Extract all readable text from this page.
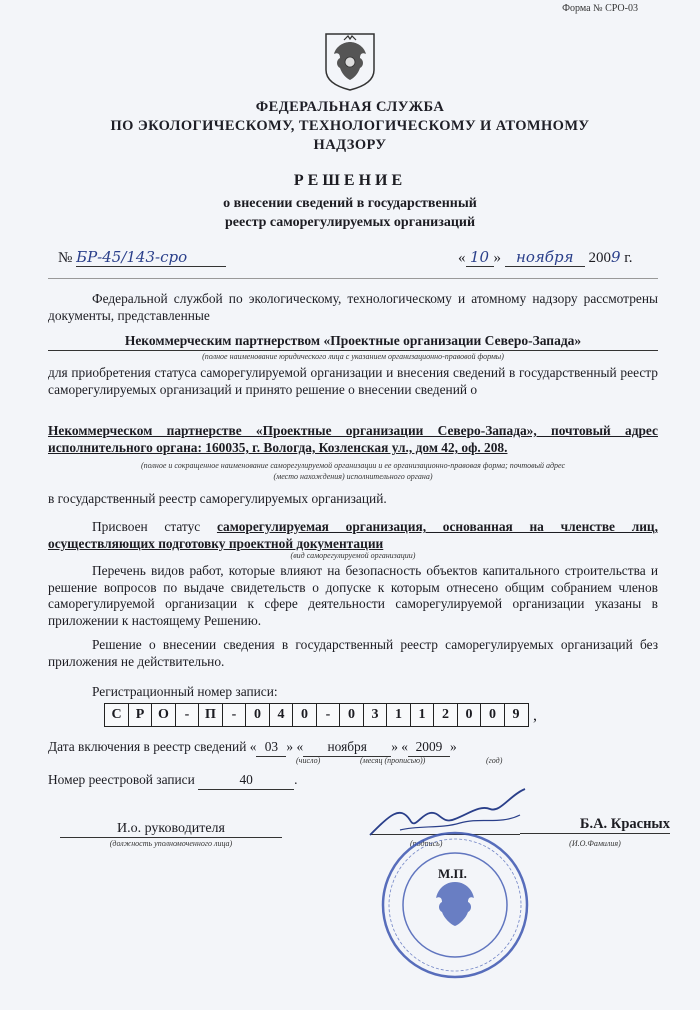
Форма № СРО-03
ФЕДЕРАЛЬНАЯ СЛУЖБА
ПО ЭКОЛОГИЧЕСКОМУ, ТЕХНОЛОГИЧЕСКОМУ И АТОМНОМУ
НАДЗОРУ
РЕШЕНИЕ
о внесении сведений в государственный
реестр саморегулируемых организаций
№ БР-45/143-сро	« 10 » ноября 2009 г.
Федеральной службой по экологическому, технологическому и атомному надзору рассмотрены документы, представленные
Некоммерческим партнерством «Проектные организации Северо-Запада»
(полное наименование юридического лица с указанием организационно-правовой формы)
для приобретения статуса саморегулируемой организации и внесения сведений в государственный реестр саморегулируемых организаций и принято решение о внесении сведений о
Некоммерческом партнерстве «Проектные организации Северо-Запада», почтовый адрес исполнительного органа: 160035, г. Вологда, Козленская ул., дом 42, оф. 208.
(полное и сокращенное наименование саморегулируемой организации и ее организационно-правовая форма; почтовый адрес
(место нахождения) исполнительного органа)
в государственный реестр саморегулируемых организаций.
Присвоен статус саморегулируемая организация, основанная на членстве лиц, осуществляющих подготовку проектной документации
(вид саморегулируемой организации)
Перечень видов работ, которые влияют на безопасность объектов капитального строительства и решение вопросов по выдаче свидетельств о допуске к которым отнесено общим собранием членов саморегулируемой организации к сфере деятельности саморегулируемой организации указаны в приложении к настоящему Решению.
Решение о внесении сведения в государственный реестр саморегулируемых организаций без приложения не действительно.
Регистрационный номер записи:
С	Р О	-	П	-	0	4	0	-	0	3	1	1	2	0	0	9 ,
Дата включения в реестр сведений « 03 » « ноября » « 2009 »
(число)	(месяц (прописью))	(год)
Номер реестровой записи	40	.
И.о. руководителя
(должность уполномоченного лица)	(подпись)
Б.А. Красных
(И.О.Фамилия)
М.П.
